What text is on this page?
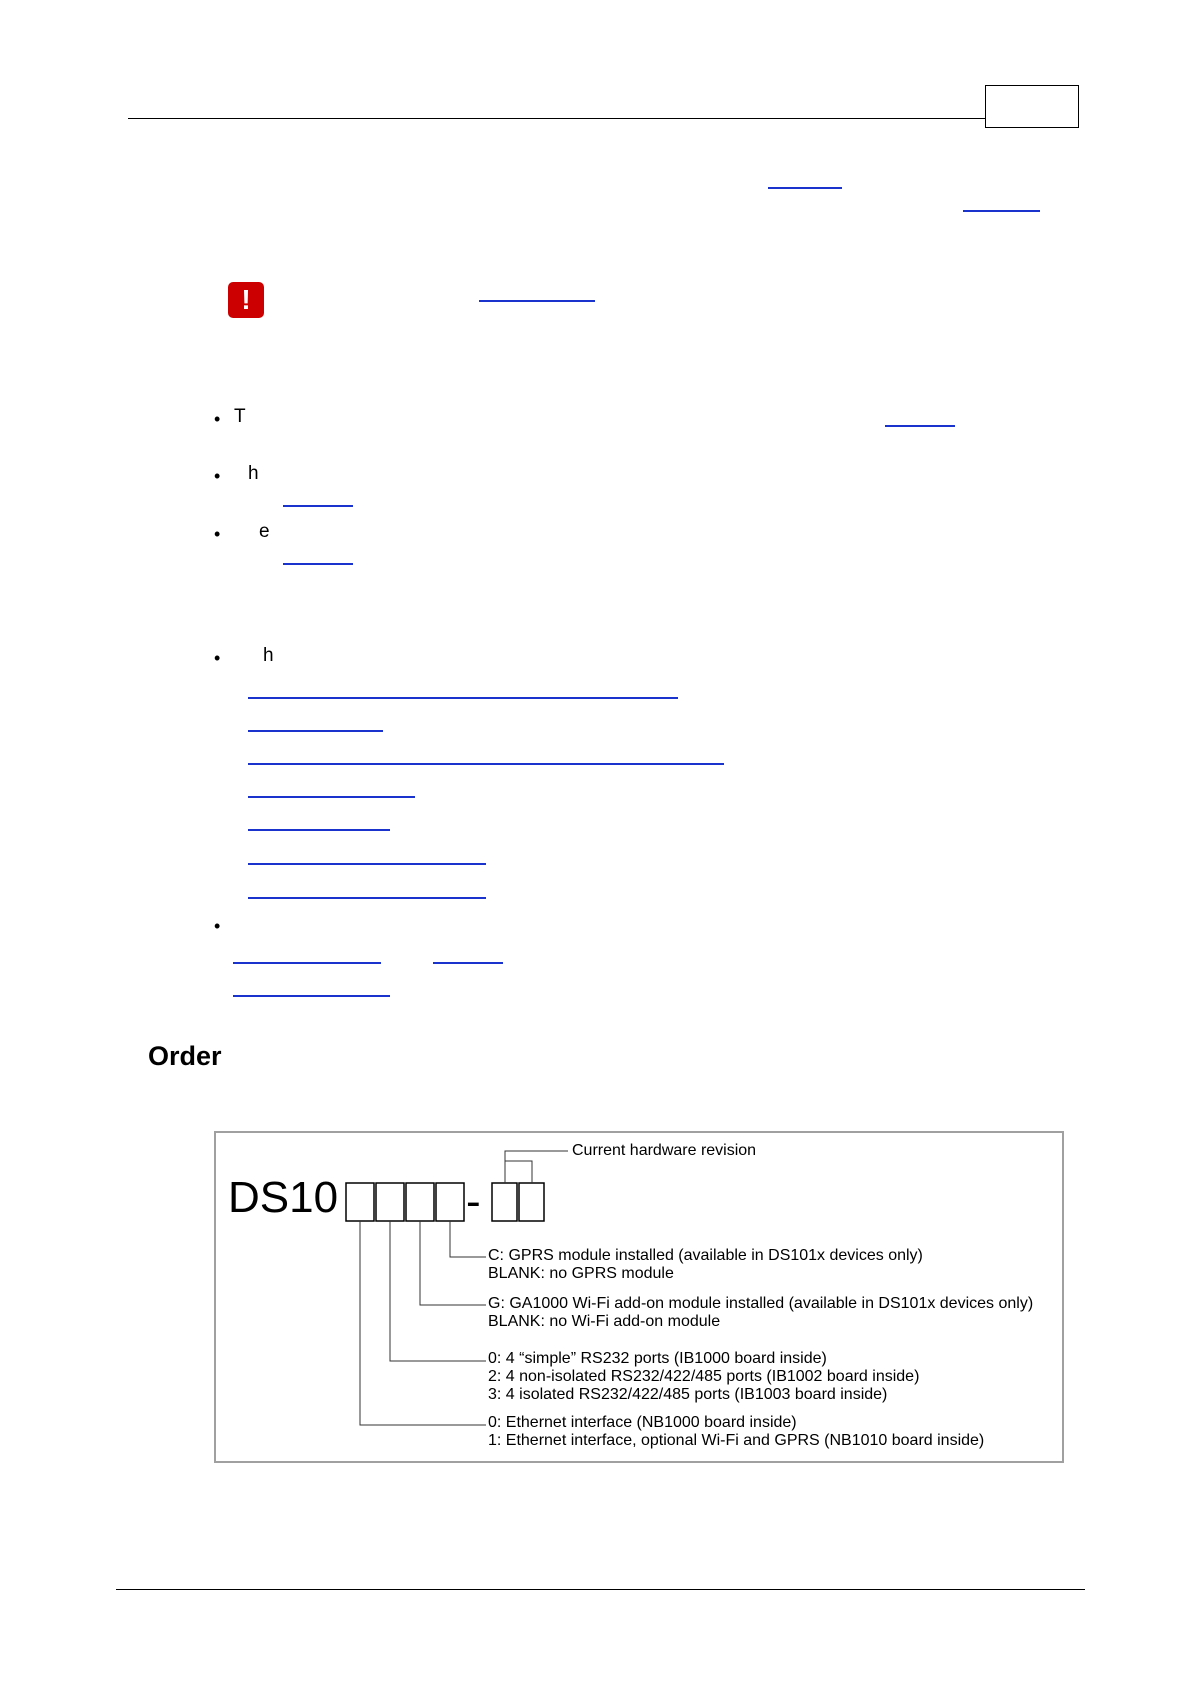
!
• T
• h
• e
• h
•
Order
DS10	-
Current hardware revision
C: GPRS module installed (available in DS101x devices only)
BLANK: no GPRS module
G: GA1000 Wi-Fi add-on module installed (available in DS101x devices only)
BLANK: no Wi-Fi add-on module
0: 4 “simple” RS232 ports (IB1000 board inside)
2: 4 non-isolated RS232/422/485 ports (IB1002 board inside)
3: 4 isolated RS232/422/485 ports (IB1003 board inside)
0: Ethernet interface (NB1000 board inside)
1: Ethernet interface, optional Wi-Fi and GPRS (NB1010 board inside)
